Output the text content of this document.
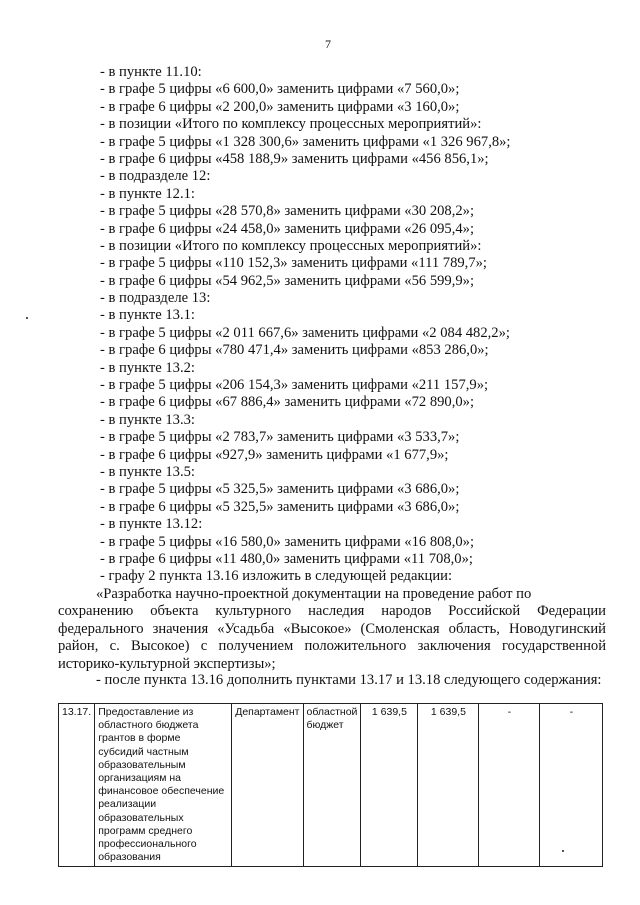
7
- в пункте 11.10:
- в графе 5 цифры «6 600,0» заменить цифрами «7 560,0»;
- в графе 6 цифры «2 200,0» заменить цифрами «3 160,0»;
- в позиции «Итого по комплексу процессных мероприятий»:
- в графе 5 цифры «1 328 300,6» заменить цифрами «1 326 967,8»;
- в графе 6 цифры «458 188,9» заменить цифрами «456 856,1»;
- в подразделе 12:
- в пункте 12.1:
- в графе 5 цифры «28 570,8» заменить цифрами «30 208,2»;
- в графе 6 цифры «24 458,0» заменить цифрами «26 095,4»;
- в позиции «Итого по комплексу процессных мероприятий»:
- в графе 5 цифры «110 152,3» заменить цифрами «111 789,7»;
- в графе 6 цифры «54 962,5» заменить цифрами «56 599,9»;
- в подразделе 13:
- в пункте 13.1:
- в графе 5 цифры «2 011 667,6» заменить цифрами «2 084 482,2»;
- в графе 6 цифры «780 471,4» заменить цифрами «853 286,0»;
- в пункте 13.2:
- в графе 5 цифры «206 154,3» заменить цифрами «211 157,9»;
- в графе 6 цифры «67 886,4» заменить цифрами «72 890,0»;
- в пункте 13.3:
- в графе 5 цифры «2 783,7» заменить цифрами «3 533,7»;
- в графе 6 цифры «927,9» заменить цифрами «1 677,9»;
- в пункте 13.5:
- в графе 5 цифры «5 325,5» заменить цифрами «3 686,0»;
- в графе 6 цифры «5 325,5» заменить цифрами «3 686,0»;
- в пункте 13.12:
- в графе 5 цифры «16 580,0» заменить цифрами «16 808,0»;
- в графе 6 цифры «11 480,0» заменить цифрами «11 708,0»;
- графу 2 пункта 13.16 изложить в следующей редакции:
«Разработка научно-проектной документации на проведение работ по
сохранению объекта культурного наследия народов Российской Федерации федерального значения «Усадьба «Высокое» (Смоленская область, Новодугинский район, с. Высокое) с получением положительного заключения государственной историко-культурной экспертизы»;
- после пункта 13.16 дополнить пунктами 13.17 и 13.18 следующего содержания:
13.17.	Предоставление из областного бюджета грантов в форме субсидий частным образовательным организациям на финансовое обеспечение реализации образовательных программ среднего профессионального образования	Департамент	областной бюджет	1 639,5	1 639,5	-	-
